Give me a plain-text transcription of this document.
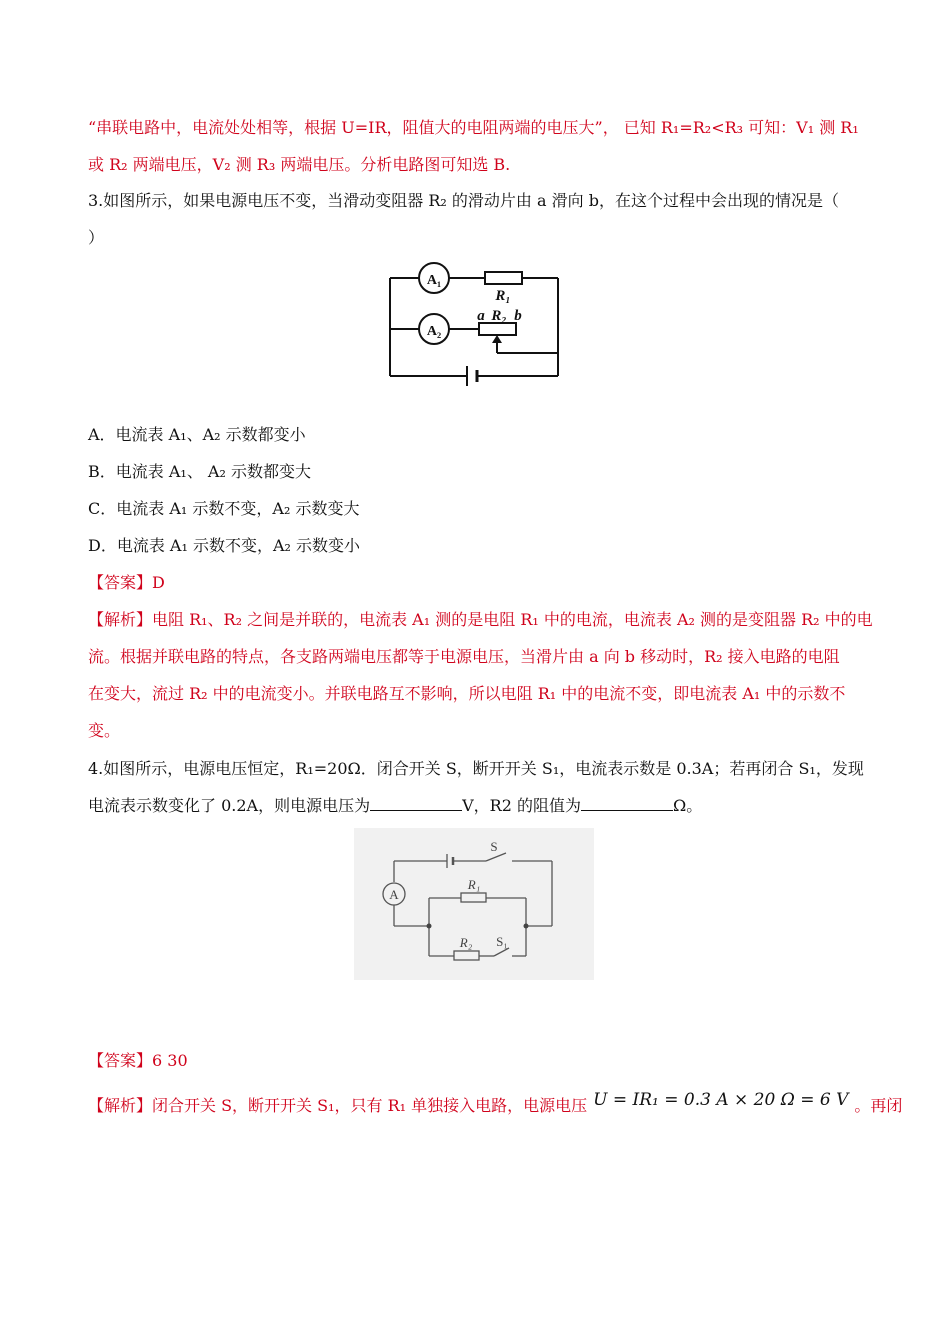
“串联电路中，电流处处相等，根据 U=IR，阻值大的电阻两端的电压大”， 已知 R₁=R₂<R₃ 可知：V₁ 测 R₁
或 R₂ 两端电压，V₂ 测 R₃ 两端电压。分析电路图可知选 B.
3.如图所示，如果电源电压不变，当滑动变阻器 R₂ 的滑动片由 a 滑向 b，在这个过程中会出现的情况是（
）
A₁
A₂
R₁
a R₂ b
A．电流表 A₁、A₂ 示数都变小
B．电流表 A₁、 A₂ 示数都变大
C．电流表 A₁ 示数不变，A₂ 示数变大
D．电流表 A₁ 示数不变，A₂ 示数变小
【答案】D
【解析】电阻 R₁、R₂ 之间是并联的，电流表 A₁ 测的是电阻 R₁ 中的电流，电流表 A₂ 测的是变阻器 R₂ 中的电
流。根据并联电路的特点，各支路两端电压都等于电源电压，当滑片由 a 向 b 移动时，R₂ 接入电路的电阻
在变大，流过 R₂ 中的电流变小。并联电路互不影响，所以电阻 R₁ 中的电流不变，即电流表 A₁ 中的示数不
变。
4.如图所示，电源电压恒定，R₁=20Ω．闭合开关 S，断开开关 S₁，电流表示数是 0.3A；若再闭合 S₁，发现
电流表示数变化了 0.2A，则电源电压为	V，R2 的阻值为	Ω。
A
S
R₁
R₂ S₁
【答案】6 30
【解析】闭合开关 S，断开开关 S₁，只有 R₁ 单独接入电路，电源电压 U = IR₁ = 0.3 A × 20 Ω = 6 V 。再闭
